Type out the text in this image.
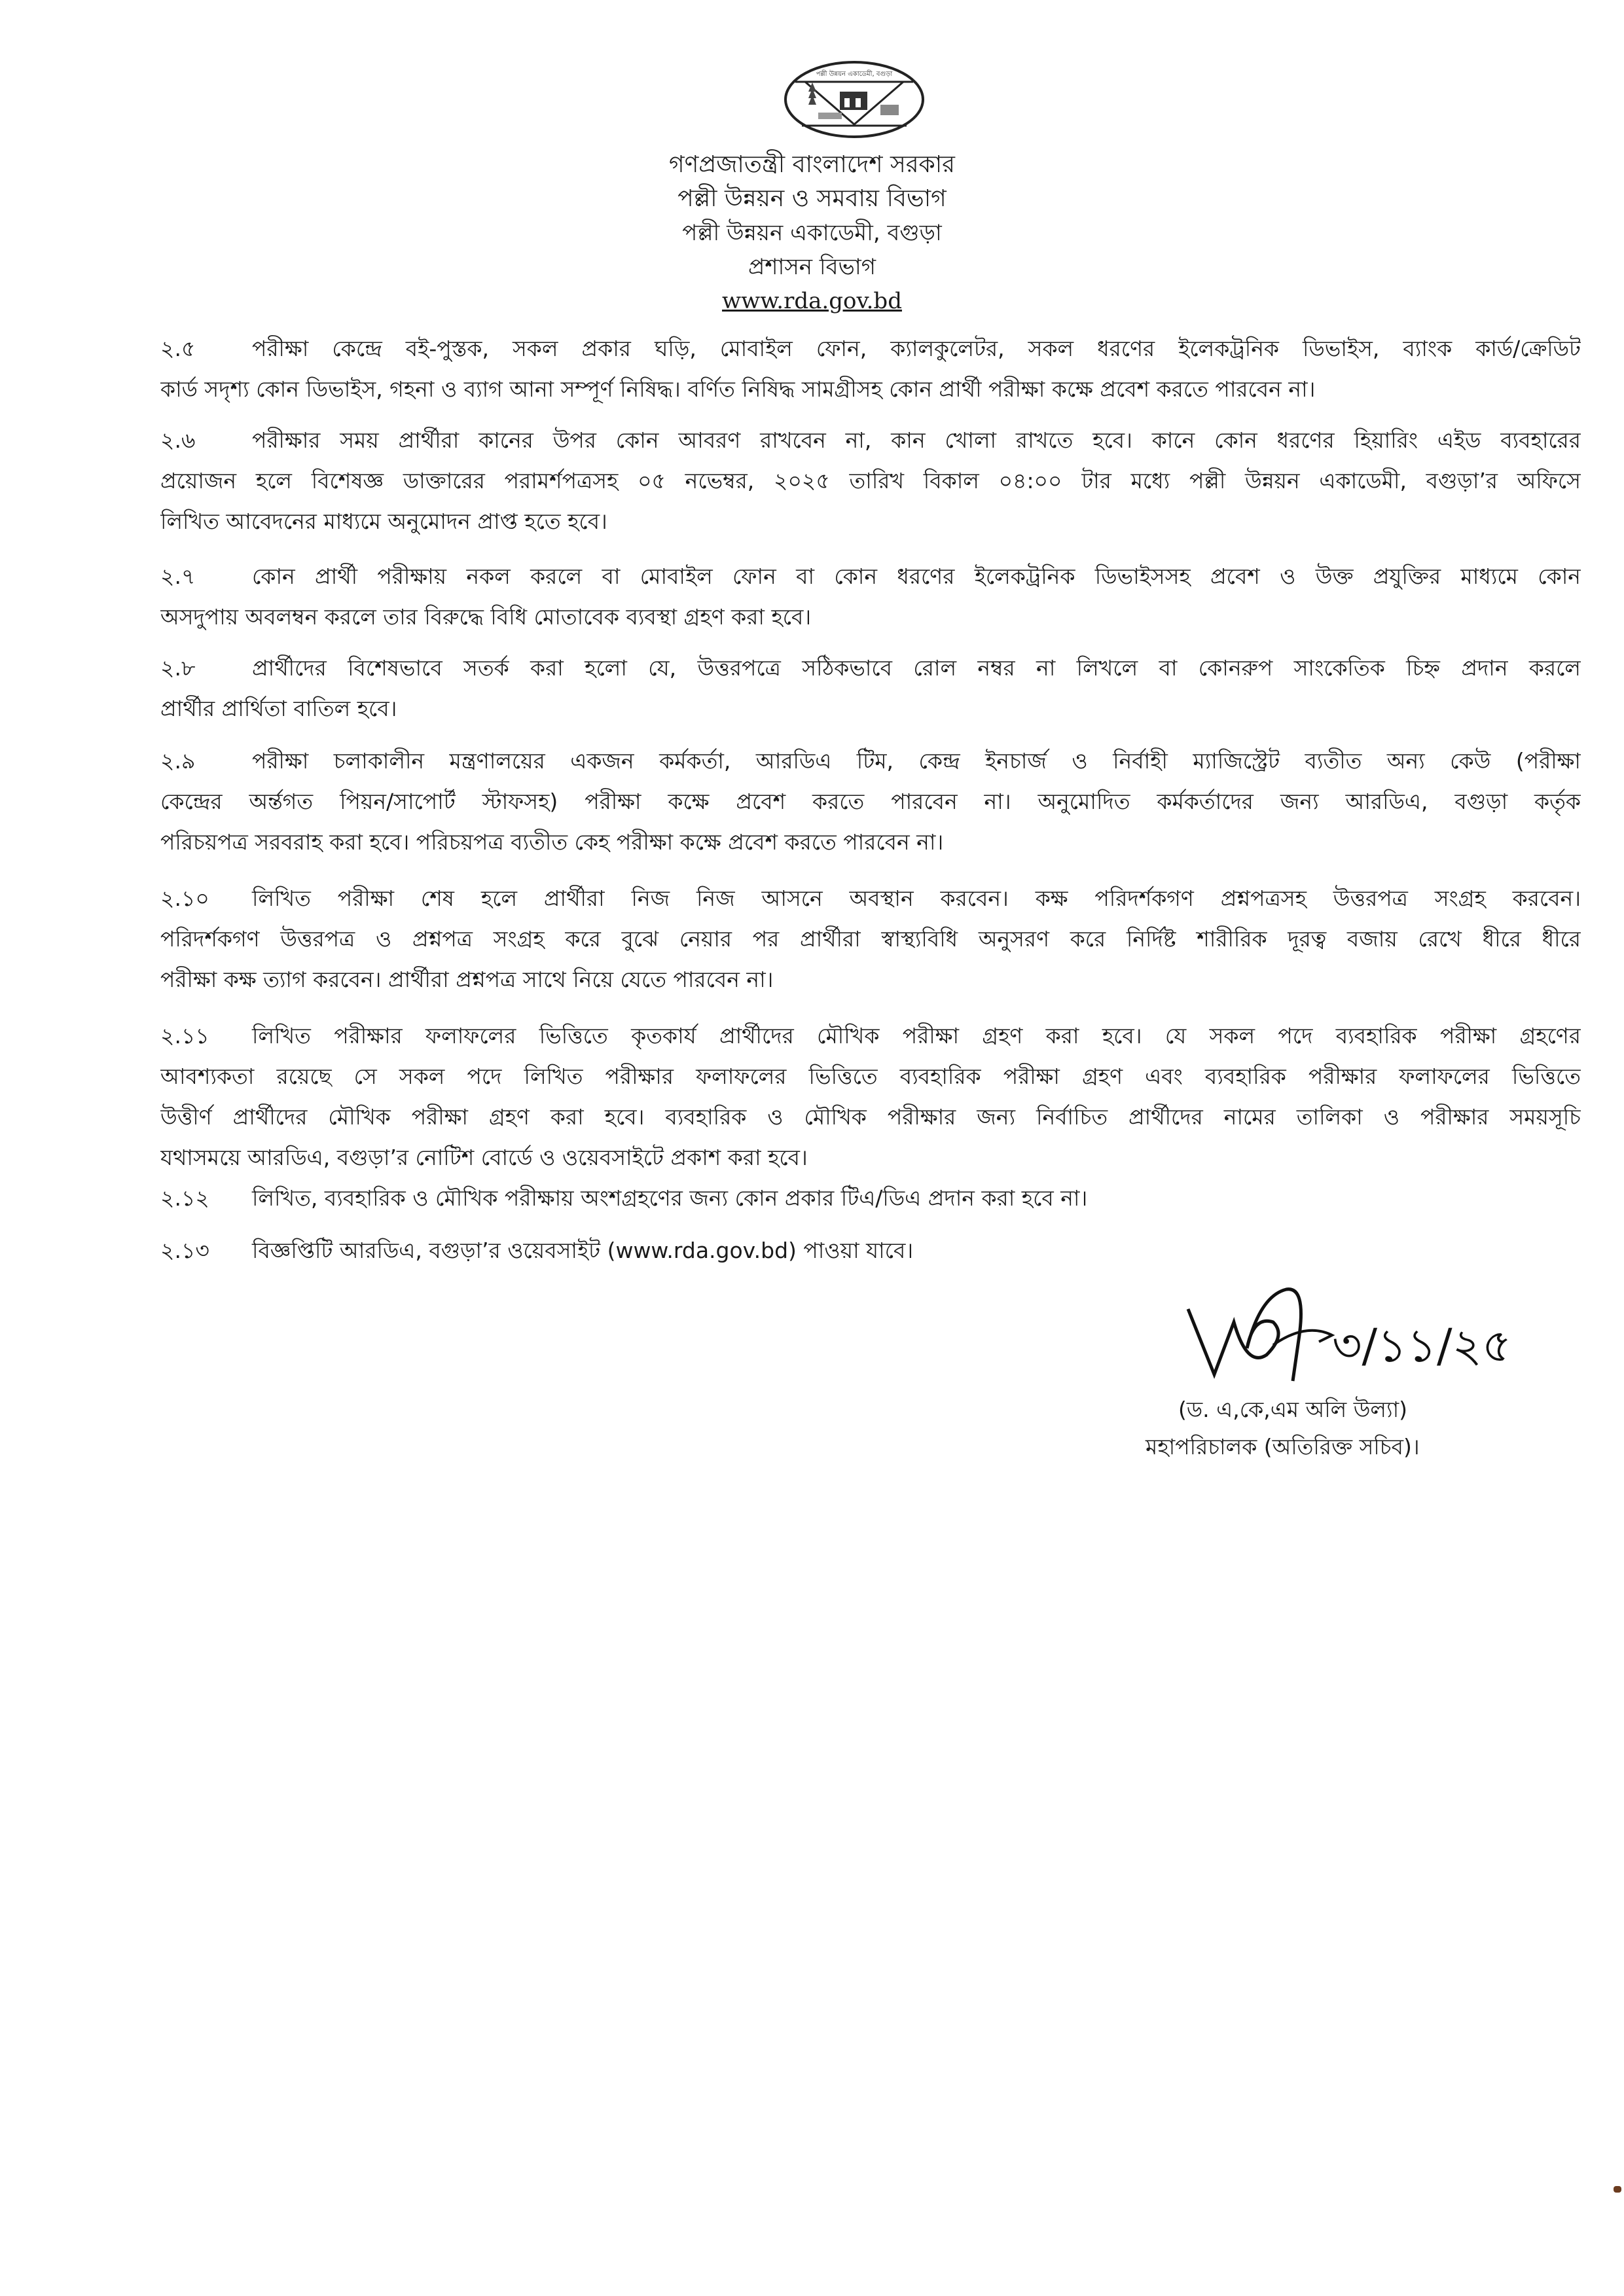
পল্লী উন্নয়ন একাডেমী, বগুড়া
গণপ্রজাতন্ত্রী বাংলাদেশ সরকার
পল্লী উন্নয়ন ও সমবায় বিভাগ
পল্লী উন্নয়ন একাডেমী, বগুড়া
প্রশাসন বিভাগ
www.rda.gov.bd
২.৫	পরীক্ষা কেন্দ্রে বই-পুস্তক, সকল প্রকার ঘড়ি, মোবাইল ফোন, ক্যালকুলেটর, সকল ধরণের ইলেকট্রনিক ডিভাইস, ব্যাংক কার্ড/ক্রেডিট
কার্ড সদৃশ্য কোন ডিভাইস, গহনা ও ব্যাগ আনা সম্পূর্ণ নিষিদ্ধ। বর্ণিত নিষিদ্ধ সামগ্রীসহ কোন প্রার্থী পরীক্ষা কক্ষে প্রবেশ করতে পারবেন না।
২.৬	পরীক্ষার সময় প্রার্থীরা কানের উপর কোন আবরণ রাখবেন না, কান খোলা রাখতে হবে। কানে কোন ধরণের হিয়ারিং এইড ব্যবহারের
প্রয়োজন হলে বিশেষজ্ঞ ডাক্তারের পরামর্শপত্রসহ ০৫ নভেম্বর, ২০২৫ তারিখ বিকাল ০৪:০০ টার মধ্যে পল্লী উন্নয়ন একাডেমী, বগুড়া’র অফিসে
লিখিত আবেদনের মাধ্যমে অনুমোদন প্রাপ্ত হতে হবে।
২.৭	কোন প্রার্থী পরীক্ষায় নকল করলে বা মোবাইল ফোন বা কোন ধরণের ইলেকট্রনিক ডিভাইসসহ প্রবেশ ও উক্ত প্রযুক্তির মাধ্যমে কোন
অসদুপায় অবলম্বন করলে তার বিরুদ্ধে বিধি মোতাবেক ব্যবস্থা গ্রহণ করা হবে।
২.৮	প্রার্থীদের বিশেষভাবে সতর্ক করা হলো যে, উত্তরপত্রে সঠিকভাবে রোল নম্বর না লিখলে বা কোনরুপ সাংকেতিক চিহ্ন প্রদান করলে
প্রার্থীর প্রার্থিতা বাতিল হবে।
২.৯	পরীক্ষা চলাকালীন মন্ত্রণালয়ের একজন কর্মকর্তা, আরডিএ টিম, কেন্দ্র ইনচার্জ ও নির্বাহী ম্যাজিস্ট্রেট ব্যতীত অন্য কেউ (পরীক্ষা
কেন্দ্রের অর্ন্তগত পিয়ন/সাপোর্ট স্টাফসহ) পরীক্ষা কক্ষে প্রবেশ করতে পারবেন না। অনুমোদিত কর্মকর্তাদের জন্য আরডিএ, বগুড়া কর্তৃক
পরিচয়পত্র সরবরাহ করা হবে। পরিচয়পত্র ব্যতীত কেহ পরীক্ষা কক্ষে প্রবেশ করতে পারবেন না।
২.১০ লিখিত পরীক্ষা শেষ হলে প্রার্থীরা নিজ নিজ আসনে অবস্থান করবেন। কক্ষ পরিদর্শকগণ প্রশ্নপত্রসহ উত্তরপত্র সংগ্রহ করবেন।
পরিদর্শকগণ উত্তরপত্র ও প্রশ্নপত্র সংগ্রহ করে বুঝে নেয়ার পর প্রার্থীরা স্বাস্থ্যবিধি অনুসরণ করে নির্দিষ্ট শারীরিক দূরত্ব বজায় রেখে ধীরে ধীরে
পরীক্ষা কক্ষ ত্যাগ করবেন। প্রার্থীরা প্রশ্নপত্র সাথে নিয়ে যেতে পারবেন না।
২.১১ লিখিত পরীক্ষার ফলাফলের ভিত্তিতে কৃতকার্য প্রার্থীদের মৌখিক পরীক্ষা গ্রহণ করা হবে। যে সকল পদে ব্যবহারিক পরীক্ষা গ্রহণের
আবশ্যকতা রয়েছে সে সকল পদে লিখিত পরীক্ষার ফলাফলের ভিত্তিতে ব্যবহারিক পরীক্ষা গ্রহণ এবং ব্যবহারিক পরীক্ষার ফলাফলের ভিত্তিতে
উত্তীর্ণ প্রার্থীদের মৌখিক পরীক্ষা গ্রহণ করা হবে। ব্যবহারিক ও মৌখিক পরীক্ষার জন্য নির্বাচিত প্রার্থীদের নামের তালিকা ও পরীক্ষার সময়সূচি
যথাসময়ে আরডিএ, বগুড়া’র নোটিশ বোর্ডে ও ওয়েবসাইটে প্রকাশ করা হবে।
২.১২ লিখিত, ব্যবহারিক ও মৌখিক পরীক্ষায় অংশগ্রহণের জন্য কোন প্রকার টিএ/ডিএ প্রদান করা হবে না।
২.১৩ বিজ্ঞপ্তিটি আরডিএ, বগুড়া’র ওয়েবসাইট (www.rda.gov.bd) পাওয়া যাবে।
৩/১১/২৫
(ড. এ,কে,এম অলি উল্যা)
মহাপরিচালক (অতিরিক্ত সচিব)।
